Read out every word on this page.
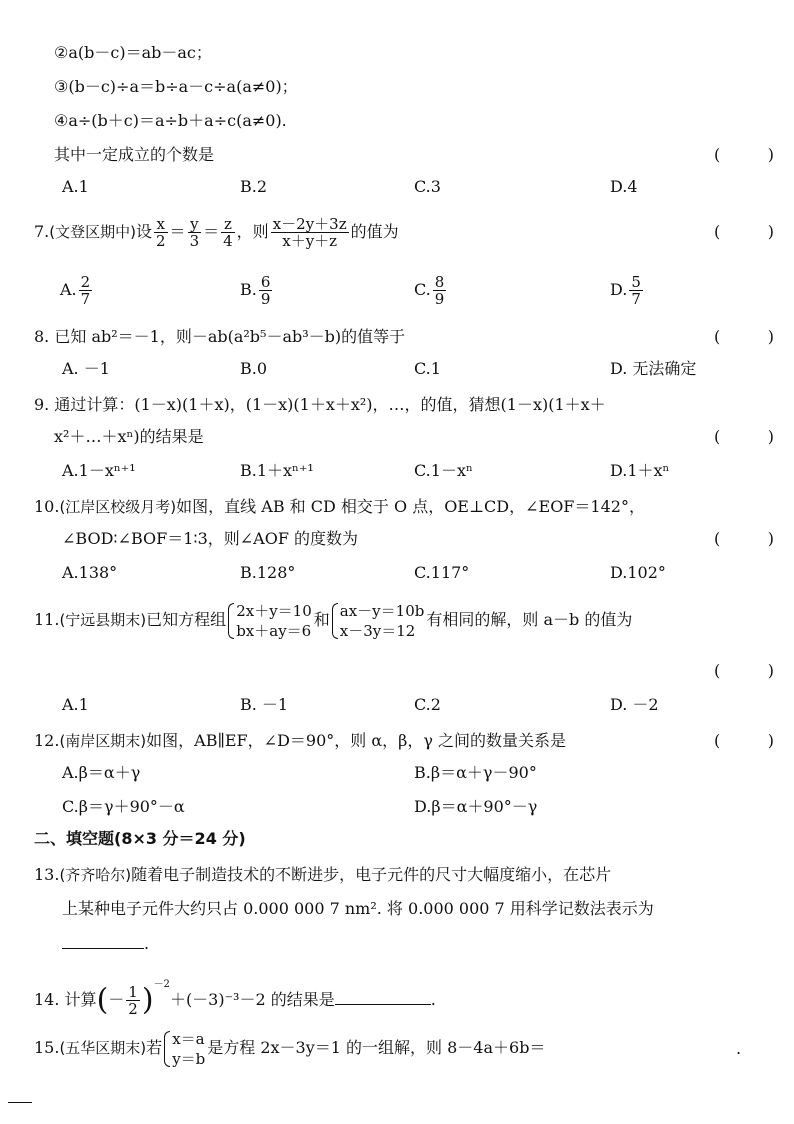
②a(b－c)＝ab－ac；
③(b－c)÷a＝b÷a－c÷a(a≠0)；
④a÷(b＋c)＝a÷b＋a÷c(a≠0).
其中一定成立的个数是	(	)
A.1	B.2	C.3	D.4
7.(文登区期中)设 $\frac{x}{2} = \frac{y}{3} = \frac{z}{4}$ ，则 $\frac{x-2y+3z}{x+y+z}$ 的值为	(	)
A. $\frac{2}{7}$	B. $\frac{6}{9}$	C. $\frac{8}{9}$	D. $\frac{5}{7}$
8. 已知 ab²＝－1，则－ab(a²b⁵－ab³－b)的值等于	(	)
A. －1	B.0	C.1	D. 无法确定
9. 通过计算：(1－x)(1＋x)，(1－x)(1＋x＋x²)，…，的值，猜想(1－x)(1＋x＋
x²＋…＋xⁿ)的结果是	(	)
A.1－xⁿ⁺¹	B.1＋xⁿ⁺¹	C.1－xⁿ	D.1＋xⁿ
10.(江岸区校级月考)如图，直线 AB 和 CD 相交于 O 点，OE⊥CD，∠EOF＝142°，
∠BOD∶∠BOF＝1∶3，则∠AOF 的度数为	(	)
A.138°	B.128°	C.117°	D.102°
11.(宁远县期末)已知方程组 2x＋y＝10
bx＋ay＝6
和 ax－y＝10b
x－3y＝12
有相同的解，则 a－b 的值为
(	)
A.1	B. －1	C.2	D. －2
12.(南岸区期末)如图，AB∥EF，∠D＝90°，则 α，β，γ 之间的数量关系是	(	)
A.β＝α＋γ	B.β＝α＋γ－90°
C.β＝γ＋90°－α	D.β＝α＋90°－γ
二、填空题(8×3 分＝24 分)
13.(齐齐哈尔)随着电子制造技术的不断进步，电子元件的尺寸大幅度缩小，在芯片
上某种电子元件大约只占 0.000 000 7 nm². 将 0.000 000 7 用科学记数法表示为
.
14. 计算(－ $\frac{1}{2} )^{-2}+(-3)^{-3}-2$ 的结果是	.
15.(五华区期末)若 x＝a
y＝b
是方程 2x－3y＝1 的一组解，则 8－4a＋6b＝	.
